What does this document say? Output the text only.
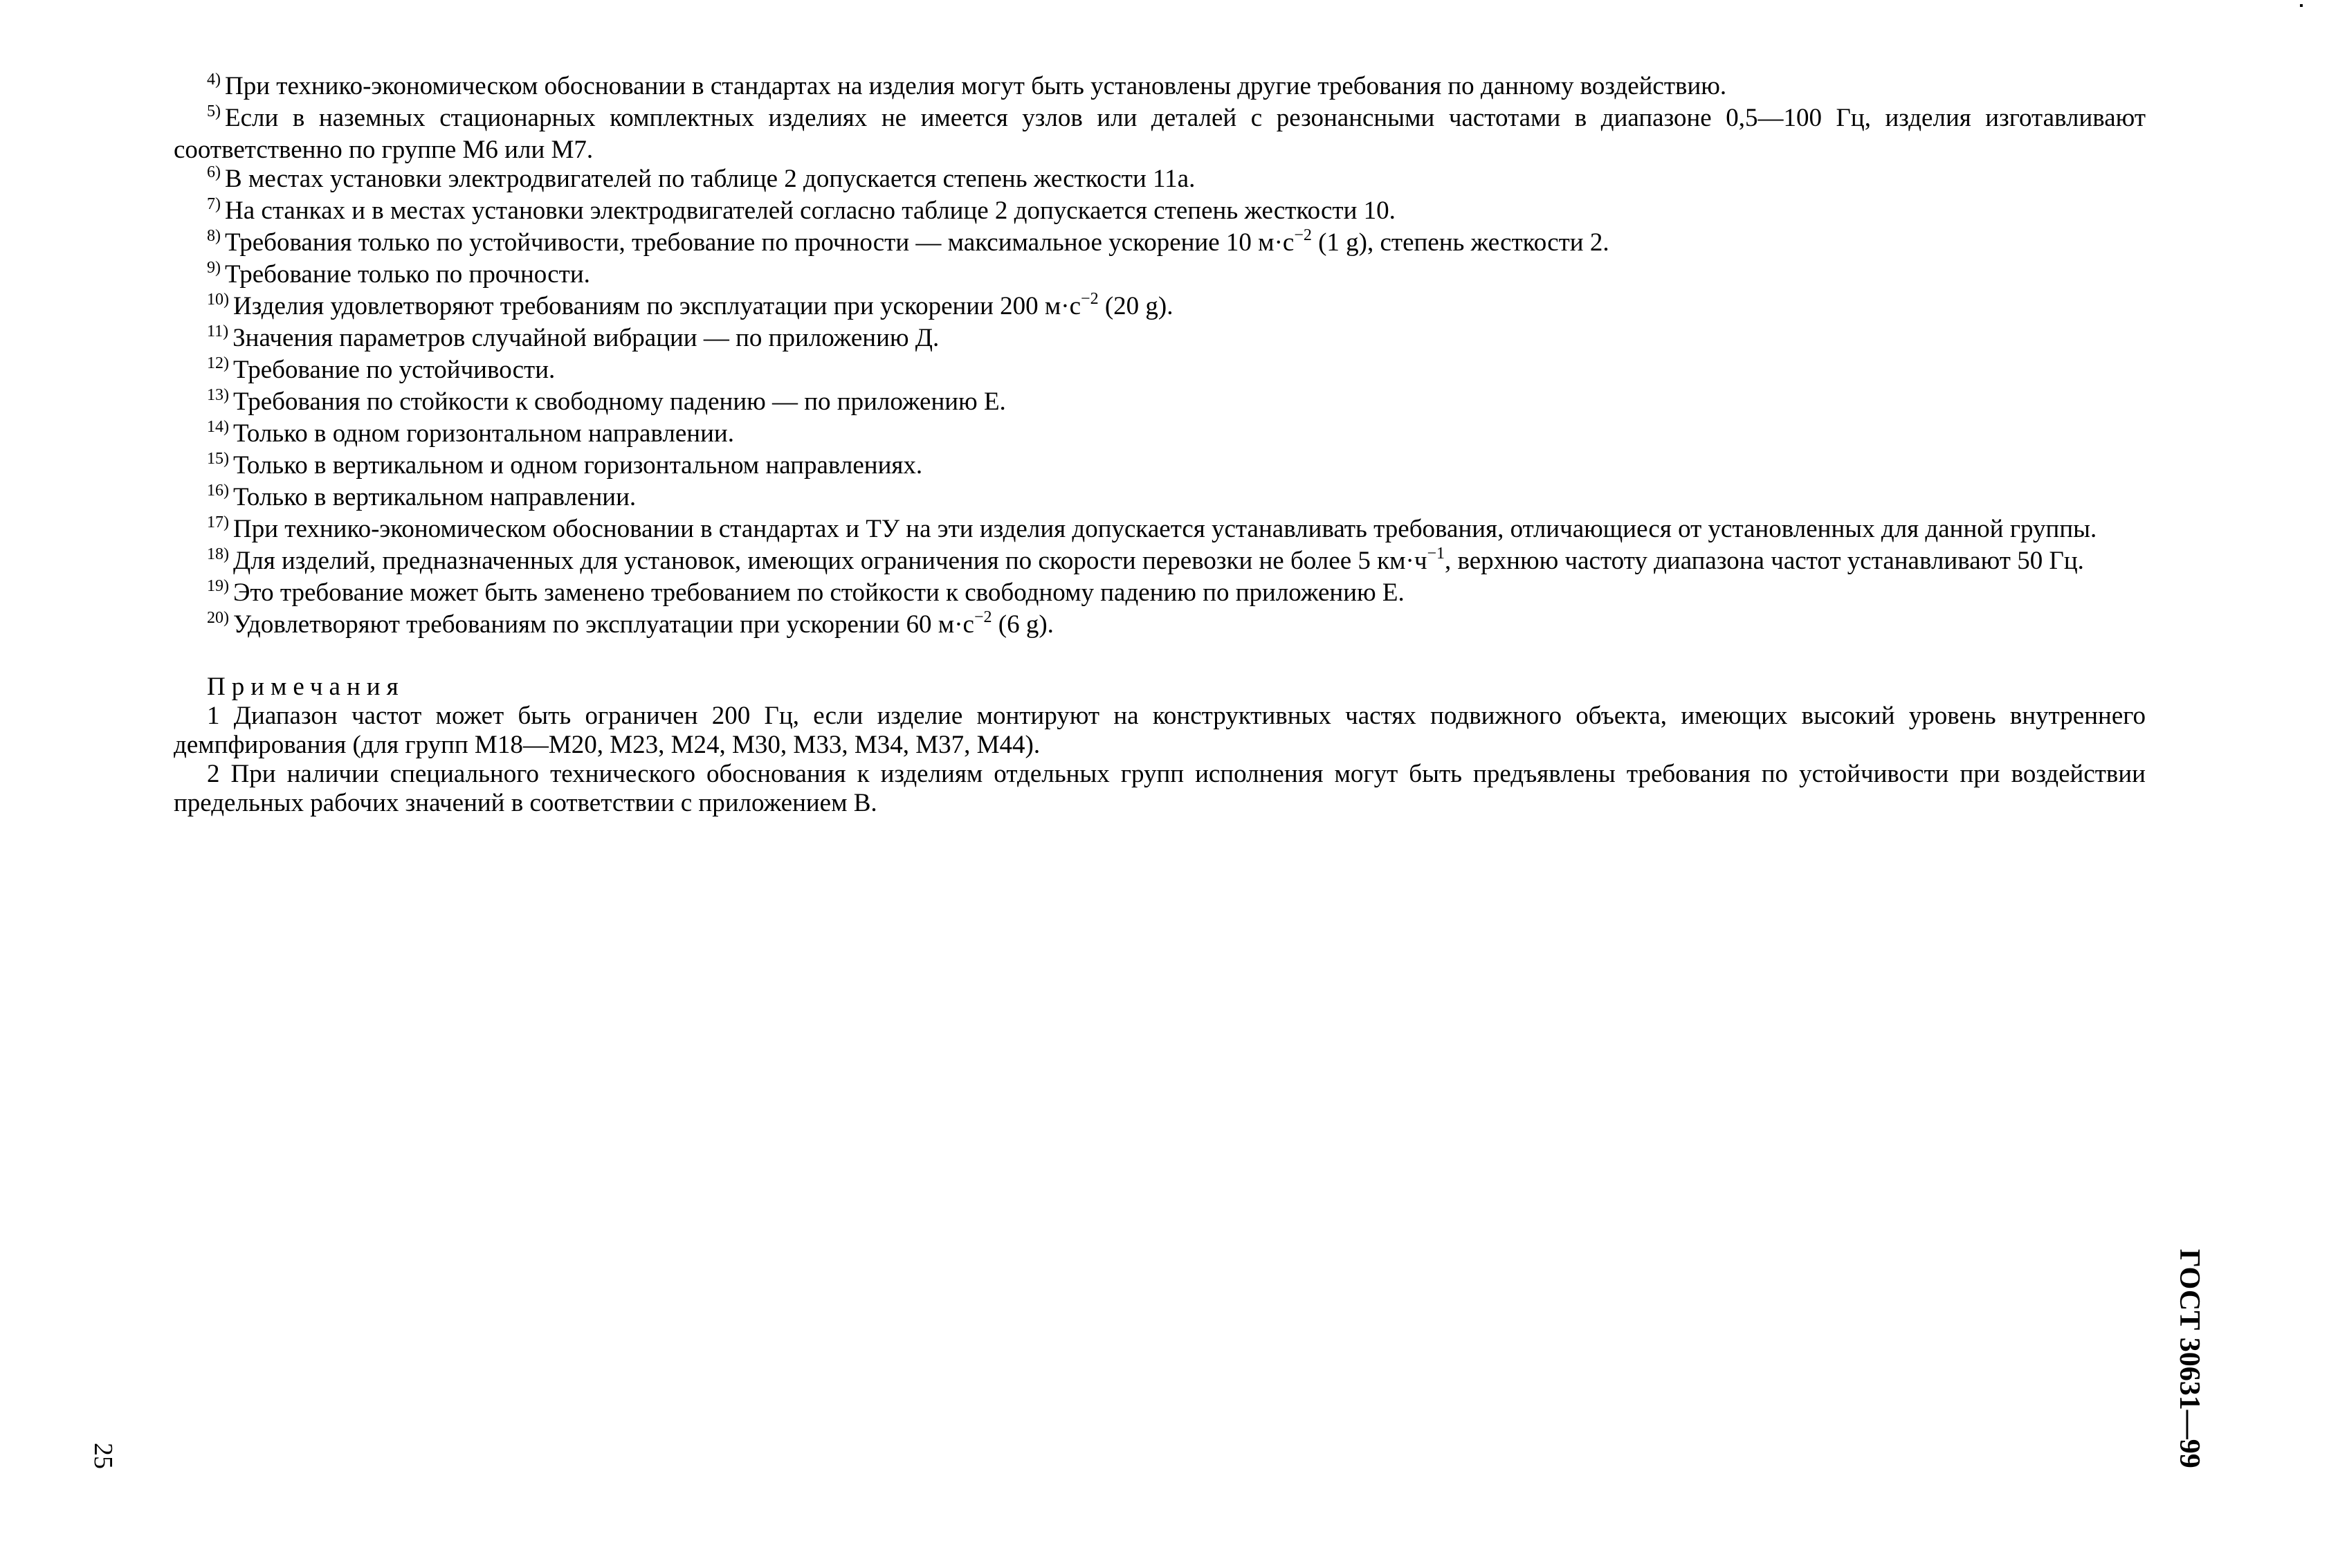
$^{4)}$ При технико-экономическом обосновании в стандартах на изделия могут быть установлены другие требования по данному воздействию.

$^{5)}$ Если в наземных стационарных комплектных изделиях не имеется узлов или деталей с резонансными частотами в диапазоне 0,5—100 Гц, изделия изготавливают соответственно по группе М6 или М7.

$^{6)}$ В местах установки электродвигателей по таблице 2 допускается степень жесткости 11а.

$^{7)}$ На станках и в местах установки электродвигателей согласно таблице 2 допускается степень жесткости 10.

$^{8)}$ Требования только по устойчивости, требование по прочности — максимальное ускорение 10 $м\cdot с^{-2}$ (1 g), степень жесткости 2.

$^{9)}$ Требование только по прочности.

$^{10)}$ Изделия удовлетворяют требованиям по эксплуатации при ускорении 200 $м\cdot с^{-2}$ (20 g).

$^{11)}$ Значения параметров случайной вибрации — по приложению Д.

$^{12)}$ Требование по устойчивости.

$^{13)}$ Требования по стойкости к свободному падению — по приложению Е.

$^{14)}$ Только в одном горизонтальном направлении.

$^{15)}$ Только в вертикальном и одном горизонтальном направлениях.

$^{16)}$ Только в вертикальном направлении.

$^{17)}$ При технико-экономическом обосновании в стандартах и ТУ на эти изделия допускается устанавливать требования, отличающиеся от установленных для данной группы.

$^{18)}$ Для изделий, предназначенных для установок, имеющих ограничения по скорости перевозки не более 5 $км\cdot ч^{-1}$, верхнюю частоту диапазона частот устанавливают 50 Гц.

$^{19)}$ Это требование может быть заменено требованием по стойкости к свободному падению по приложению Е.

$^{20)}$ Удовлетворяют требованиям по эксплуатации при ускорении 60 $м\cdot с^{-2}$ (6 g).

Примечания

1 Диапазон частот может быть ограничен 200 Гц, если изделие монтируют на конструктивных частях подвижного объекта, имеющих высокий уровень внутреннего демпфирования (для групп М18—М20, М23, М24, М30, М33, М34, М37, М44).

2 При наличии специального технического обоснования к изделиям отдельных групп исполнения могут быть предъявлены требования по устойчивости при воздействии предельных рабочих значений в соответствии с приложением В.

25	ГОСТ 30631—99
